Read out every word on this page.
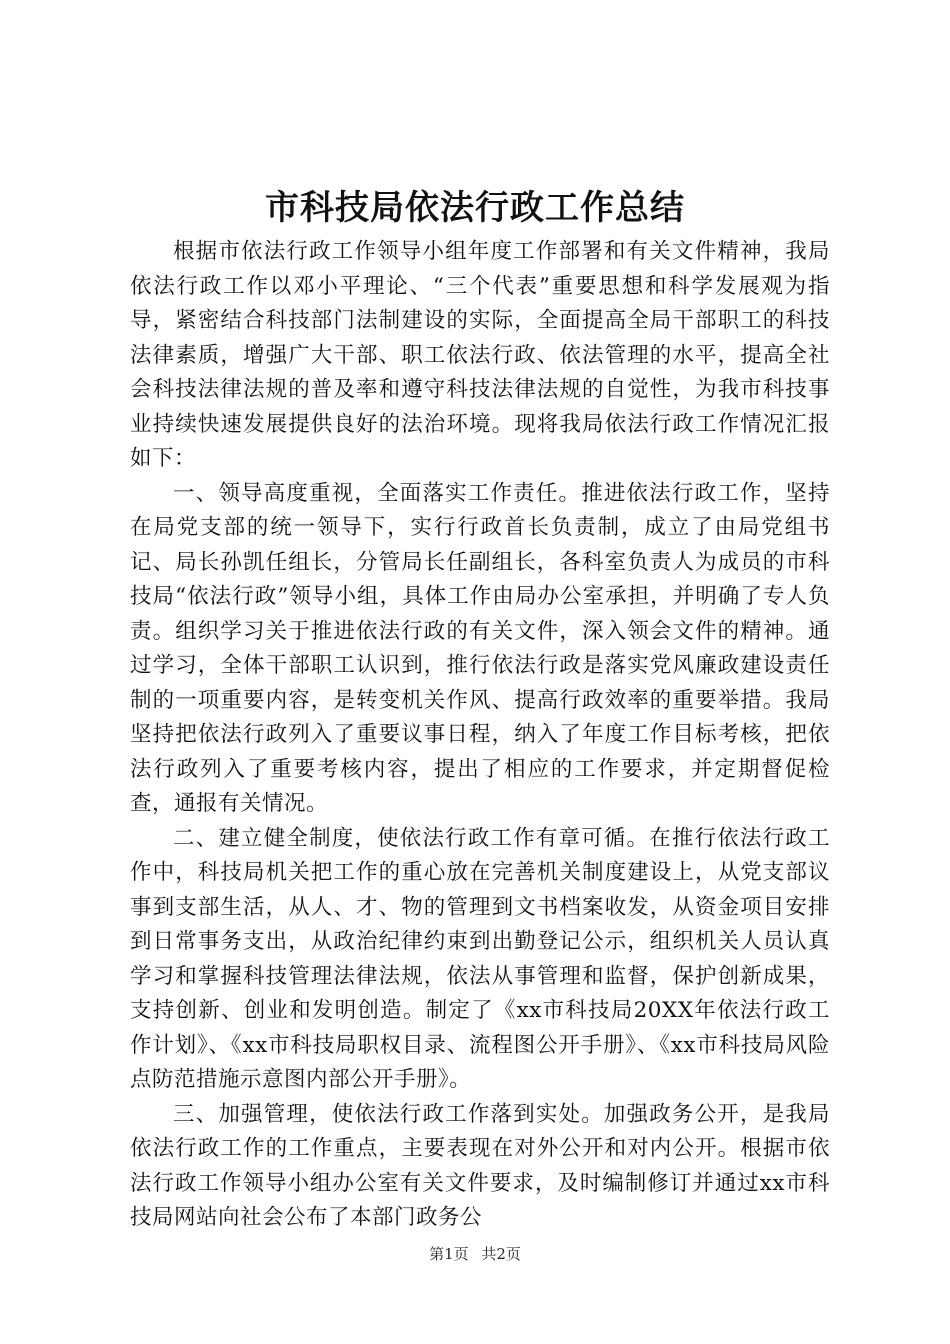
市科技局依法行政工作总结

根据市依法行政工作领导小组年度工作部署和有关文件精神，我局依法行政工作以邓小平理论、“三个代表”重要思想和科学发展观为指导，紧密结合科技部门法制建设的实际，全面提高全局干部职工的科技法律素质，增强广大干部、职工依法行政、依法管理的水平，提高全社会科技法律法规的普及率和遵守科技法律法规的自觉性，为我市科技事业持续快速发展提供良好的法治环境。现将我局依法行政工作情况汇报如下：

一、领导高度重视，全面落实工作责任。推进依法行政工作，坚持在局党支部的统一领导下，实行行政首长负责制，成立了由局党组书记、局长孙凯任组长，分管局长任副组长，各科室负责人为成员的市科技局“依法行政”领导小组，具体工作由局办公室承担，并明确了专人负责。组织学习关于推进依法行政的有关文件，深入领会文件的精神。通过学习，全体干部职工认识到，推行依法行政是落实党风廉政建设责任制的一项重要内容，是转变机关作风、提高行政效率的重要举措。我局坚持把依法行政列入了重要议事日程，纳入了年度工作目标考核，把依法行政列入了重要考核内容，提出了相应的工作要求，并定期督促检查，通报有关情况。

二、建立健全制度，使依法行政工作有章可循。在推行依法行政工作中，科技局机关把工作的重心放在完善机关制度建设上，从党支部议事到支部生活，从人、才、物的管理到文书档案收发，从资金项目安排到日常事务支出，从政治纪律约束到出勤登记公示，组织机关人员认真学习和掌握科技管理法律法规，依法从事管理和监督，保护创新成果，支持创新、创业和发明创造。制定了《xx市科技局20XX年依法行政工作计划》、《xx市科技局职权目录、流程图公开手册》、《xx市科技局风险点防范措施示意图内部公开手册》。

三、加强管理，使依法行政工作落到实处。加强政务公开，是我局依法行政工作的工作重点，主要表现在对外公开和对内公开。根据市依法行政工作领导小组办公室有关文件要求，及时编制修订并通过xx市科技局网站向社会公布了本部门政务公

第1页 共2页
